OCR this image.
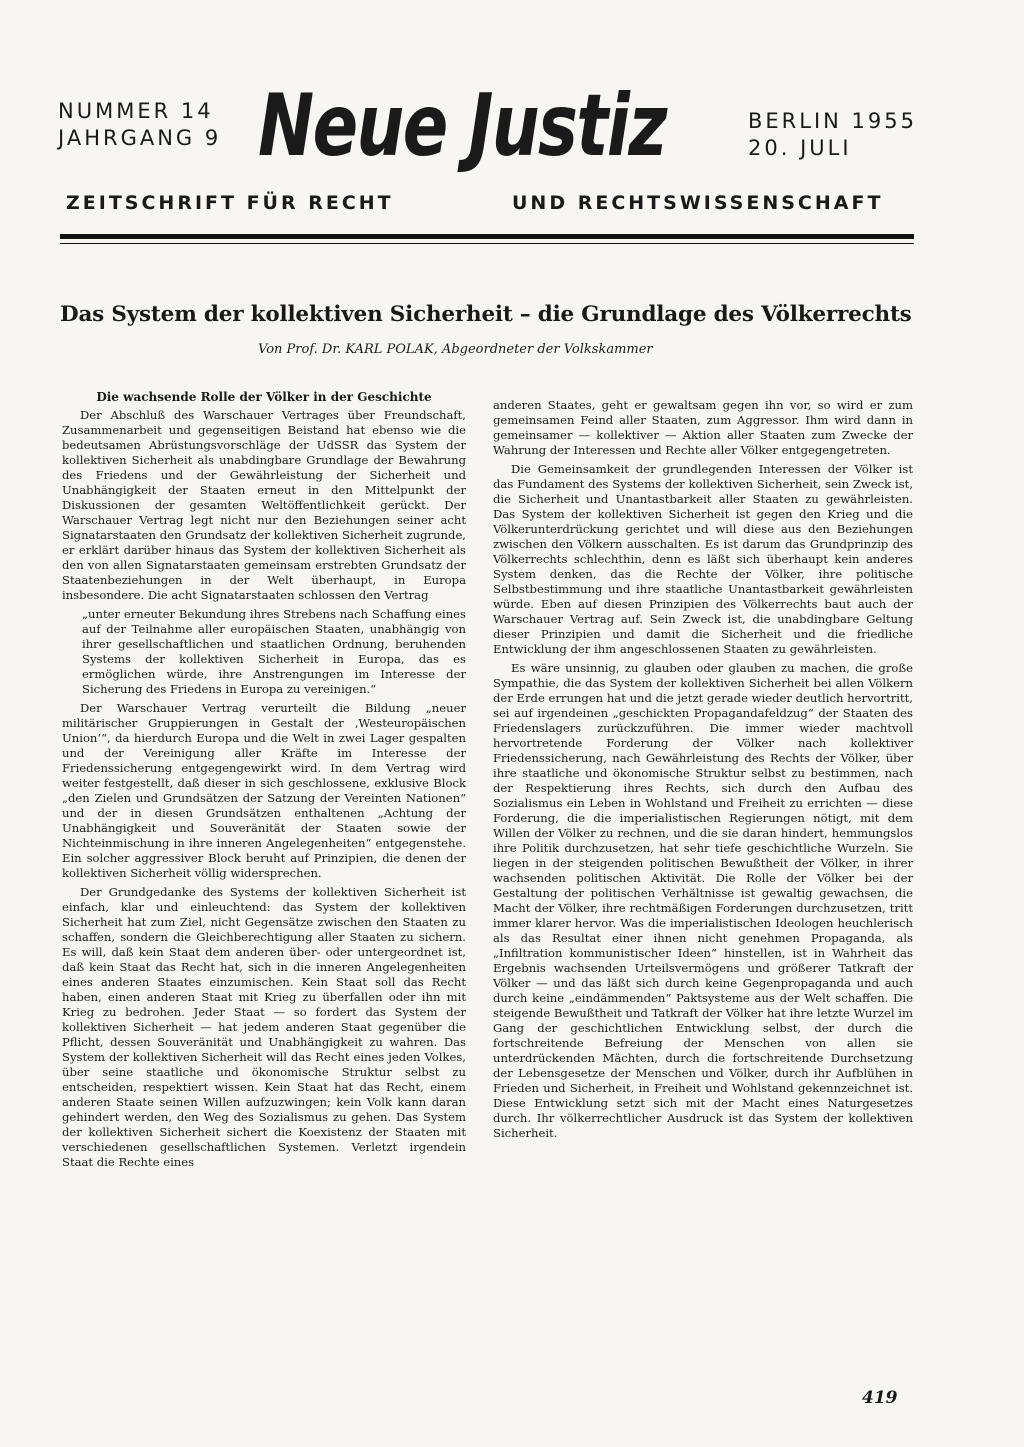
NUMMER 14
JAHRGANG 9 Neue Justiz	BERLIN 1955
20. JULI
ZEITSCHRIFT FÜR RECHT	UND RECHTSWISSENSCHAFT
Das System der kollektiven Sicherheit – die Grundlage des Völkerrechts
Von Prof. Dr. KARL POLAK, Abgeordneter der Volkskammer
Die wachsende Rolle der Völker in der Geschichte

Der Abschluß des Warschauer Vertrages über Freundschaft, Zusammenarbeit und gegenseitigen Beistand hat ebenso wie die bedeutsamen Abrüstungsvorschläge der UdSSR das System der kollektiven Sicherheit als unabdingbare Grundlage der Bewahrung des Friedens und der Gewährleistung der Sicherheit und Unabhängigkeit der Staaten erneut in den Mittelpunkt der Diskussionen der gesamten Weltöffentlichkeit gerückt. Der Warschauer Vertrag legt nicht nur den Beziehungen seiner acht Signatarstaaten den Grundsatz der kollektiven Sicherheit zugrunde, er erklärt darüber hinaus das System der kollektiven Sicherheit als den von allen Signatarstaaten gemeinsam erstrebten Grundsatz der Staatenbeziehungen in der Welt überhaupt, in Europa insbesondere. Die acht Signatarstaaten schlossen den Vertrag

„unter erneuter Bekundung ihres Strebens nach Schaffung eines auf der Teilnahme aller europäischen Staaten, unabhängig von ihrer gesellschaftlichen und staatlichen Ordnung, beruhenden Systems der kollektiven Sicherheit in Europa, das es ermöglichen würde, ihre Anstrengungen im Interesse der Sicherung des Friedens in Europa zu vereinigen.“

Der Warschauer Vertrag verurteilt die Bildung „neuer militärischer Gruppierungen in Gestalt der ‚Westeuropäischen Union‘“, da hierdurch Europa und die Welt in zwei Lager gespalten und der Vereinigung aller Kräfte im Interesse der Friedenssicherung entgegengewirkt wird. In dem Vertrag wird weiter festgestellt, daß dieser in sich geschlossene, exklusive Block „den Zielen und Grundsätzen der Satzung der Vereinten Nationen“ und der in diesen Grundsätzen enthaltenen „Achtung der Unabhängigkeit und Souveränität der Staaten sowie der Nichteinmischung in ihre inneren Angelegenheiten“ entgegenstehe. Ein solcher aggressiver Block beruht auf Prinzipien, die denen der kollektiven Sicherheit völlig widersprechen.

Der Grundgedanke des Systems der kollektiven Sicherheit ist einfach, klar und einleuchtend: das System der kollektiven Sicherheit hat zum Ziel, nicht Gegensätze zwischen den Staaten zu schaffen, sondern die Gleichberechtigung aller Staaten zu sichern. Es will, daß kein Staat dem anderen über- oder untergeordnet ist, daß kein Staat das Recht hat, sich in die inneren Angelegenheiten eines anderen Staates einzumischen. Kein Staat soll das Recht haben, einen anderen Staat mit Krieg zu überfallen oder ihn mit Krieg zu bedrohen. Jeder Staat — so fordert das System der kollektiven Sicherheit — hat jedem anderen Staat gegenüber die Pflicht, dessen Souveränität und Unabhängigkeit zu wahren. Das System der kollektiven Sicherheit will das Recht eines jeden Volkes, über seine staatliche und ökonomische Struktur selbst zu entscheiden, respektiert wissen. Kein Staat hat das Recht, einem anderen Staate seinen Willen aufzuzwingen; kein Volk kann daran gehindert werden, den Weg des Sozialismus zu gehen. Das System der kollektiven Sicherheit sichert die Koexistenz der Staaten mit verschiedenen gesellschaftlichen Systemen. Verletzt irgendein Staat die Rechte eines

anderen Staates, geht er gewaltsam gegen ihn vor, so wird er zum gemeinsamen Feind aller Staaten, zum Aggressor. Ihm wird dann in gemeinsamer — kollektiver — Aktion aller Staaten zum Zwecke der Wahrung der Interessen und Rechte aller Völker entgegengetreten.

Die Gemeinsamkeit der grundlegenden Interessen der Völker ist das Fundament des Systems der kollektiven Sicherheit, sein Zweck ist, die Sicherheit und Unantastbarkeit aller Staaten zu gewährleisten. Das System der kollektiven Sicherheit ist gegen den Krieg und die Völkerunterdrückung gerichtet und will diese aus den Beziehungen zwischen den Völkern ausschalten. Es ist darum das Grundprinzip des Völkerrechts schlechthin, denn es läßt sich überhaupt kein anderes System denken, das die Rechte der Völker, ihre politische Selbstbestimmung und ihre staatliche Unantastbarkeit gewährleisten würde. Eben auf diesen Prinzipien des Völkerrechts baut auch der Warschauer Vertrag auf. Sein Zweck ist, die unabdingbare Geltung dieser Prinzipien und damit die Sicherheit und die friedliche Entwicklung der ihm angeschlossenen Staaten zu gewährleisten.

Es wäre unsinnig, zu glauben oder glauben zu machen, die große Sympathie, die das System der kollektiven Sicherheit bei allen Völkern der Erde errungen hat und die jetzt gerade wieder deutlich hervortritt, sei auf irgendeinen „geschickten Propagandafeldzug“ der Staaten des Friedenslagers zurückzuführen. Die immer wieder machtvoll hervortretende Forderung der Völker nach kollektiver Friedenssicherung, nach Gewährleistung des Rechts der Völker, über ihre staatliche und ökonomische Struktur selbst zu bestimmen, nach der Respektierung ihres Rechts, sich durch den Aufbau des Sozialismus ein Leben in Wohlstand und Freiheit zu errichten — diese Forderung, die die imperialistischen Regierungen nötigt, mit dem Willen der Völker zu rechnen, und die sie daran hindert, hemmungslos ihre Politik durchzusetzen, hat sehr tiefe geschichtliche Wurzeln. Sie liegen in der steigenden politischen Bewußtheit der Völker, in ihrer wachsenden politischen Aktivität. Die Rolle der Völker bei der Gestaltung der politischen Verhältnisse ist gewaltig gewachsen, die Macht der Völker, ihre rechtmäßigen Forderungen durchzusetzen, tritt immer klarer hervor. Was die imperialistischen Ideologen heuchlerisch als das Resultat einer ihnen nicht genehmen Propaganda, als „Infiltration kommunistischer Ideen“ hinstellen, ist in Wahrheit das Ergebnis wachsenden Urteilsvermögens und größerer Tatkraft der Völker — und das läßt sich durch keine Gegenpropaganda und auch durch keine „eindämmenden“ Paktsysteme aus der Welt schaffen. Die steigende Bewußtheit und Tatkraft der Völker hat ihre letzte Wurzel im Gang der geschichtlichen Entwicklung selbst, der durch die fortschreitende Befreiung der Menschen von allen sie unterdrückenden Mächten, durch die fortschreitende Durchsetzung der Lebensgesetze der Menschen und Völker, durch ihr Aufblühen in Frieden und Sicherheit, in Freiheit und Wohlstand gekennzeichnet ist. Diese Entwicklung setzt sich mit der Macht eines Naturgesetzes durch. Ihr völkerrechtlicher Ausdruck ist das System der kollektiven Sicherheit.

419
